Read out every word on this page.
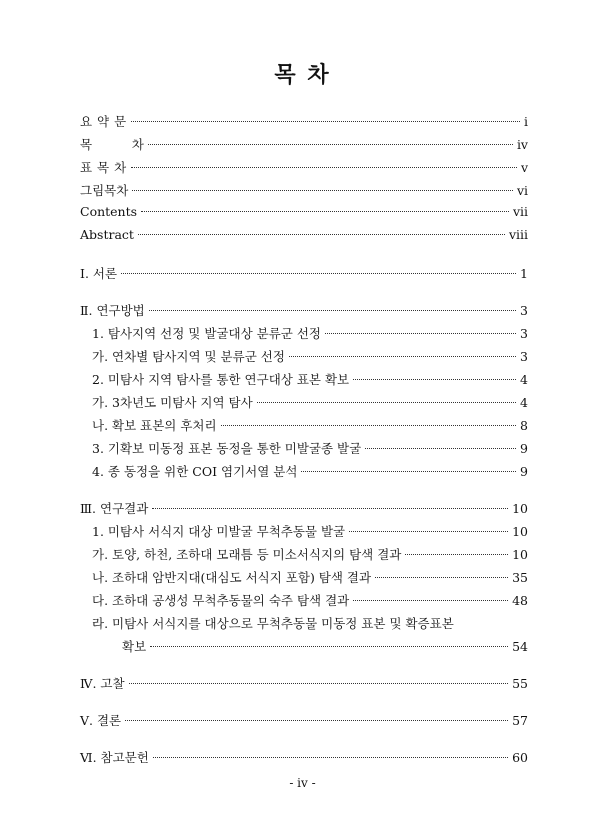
목 차
요 약 문	i
목          차	iv
표 목 차	v
그림목차	vi
Contents	vii
Abstract	viii
Ⅰ. 서론	1
Ⅱ. 연구방법	3
1. 탐사지역 선정 및 발굴대상 분류군 선정	3
가. 연차별 탐사지역 및 분류군 선정	3
2. 미탐사 지역 탐사를 통한 연구대상 표본 확보	4
가. 3차년도 미탐사 지역 탐사	4
나. 확보 표본의 후처리	8
3. 기확보 미동정 표본 동정을 통한 미발굴종 발굴	9
4. 종 동정을 위한 COI 염기서열 분석	9
Ⅲ. 연구결과	10
1. 미탐사 서식지 대상 미발굴 무척추동물 발굴	10
가. 토양, 하천, 조하대 모래틈 등 미소서식지의 탐색 결과	10
나. 조하대 암반지대(대심도 서식지 포함) 탐색 결과	35
다. 조하대 공생성 무척추동물의 숙주 탐색 결과	48
라. 미탐사 서식지를 대상으로 무척추동물 미동정 표본 및 확증표본
확보	54
Ⅳ. 고찰	55
Ⅴ. 결론	57
Ⅵ. 참고문헌	60
- iv -
